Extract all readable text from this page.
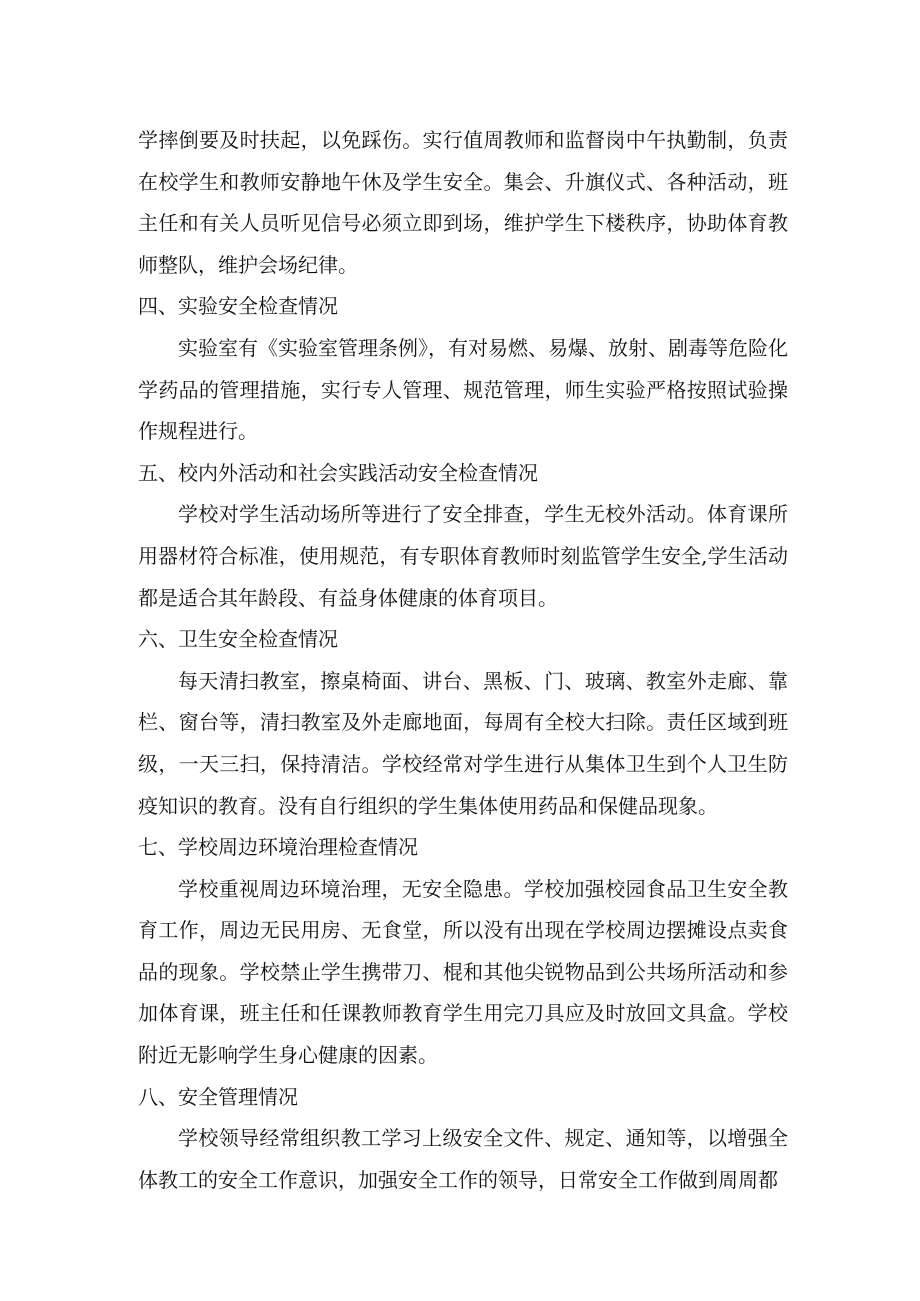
学摔倒要及时扶起，以免踩伤。实行值周教师和监督岗中午执勤制，负责在校学生和教师安静地午休及学生安全。集会、升旗仪式、各种活动，班主任和有关人员听见信号必须立即到场，维护学生下楼秩序，协助体育教师整队，维护会场纪律。

四、实验安全检查情况

实验室有《实验室管理条例》，有对易燃、易爆、放射、剧毒等危险化学药品的管理措施，实行专人管理、规范管理，师生实验严格按照试验操作规程进行。

五、校内外活动和社会实践活动安全检查情况

学校对学生活动场所等进行了安全排查，学生无校外活动。体育课所用器材符合标准，使用规范，有专职体育教师时刻监管学生安全,学生活动都是适合其年龄段、有益身体健康的体育项目。

六、卫生安全检查情况

每天清扫教室，擦桌椅面、讲台、黑板、门、玻璃、教室外走廊、靠栏、窗台等，清扫教室及外走廊地面，每周有全校大扫除。责任区域到班级，一天三扫，保持清洁。学校经常对学生进行从集体卫生到个人卫生防疫知识的教育。没有自行组织的学生集体使用药品和保健品现象。

七、学校周边环境治理检查情况

学校重视周边环境治理，无安全隐患。学校加强校园食品卫生安全教育工作，周边无民用房、无食堂，所以没有出现在学校周边摆摊设点卖食品的现象。学校禁止学生携带刀、棍和其他尖锐物品到公共场所活动和参加体育课，班主任和任课教师教育学生用完刀具应及时放回文具盒。学校附近无影响学生身心健康的因素。

八、安全管理情况

学校领导经常组织教工学习上级安全文件、规定、通知等，以增强全体教工的安全工作意识，加强安全工作的领导，日常安全工作做到周周都
